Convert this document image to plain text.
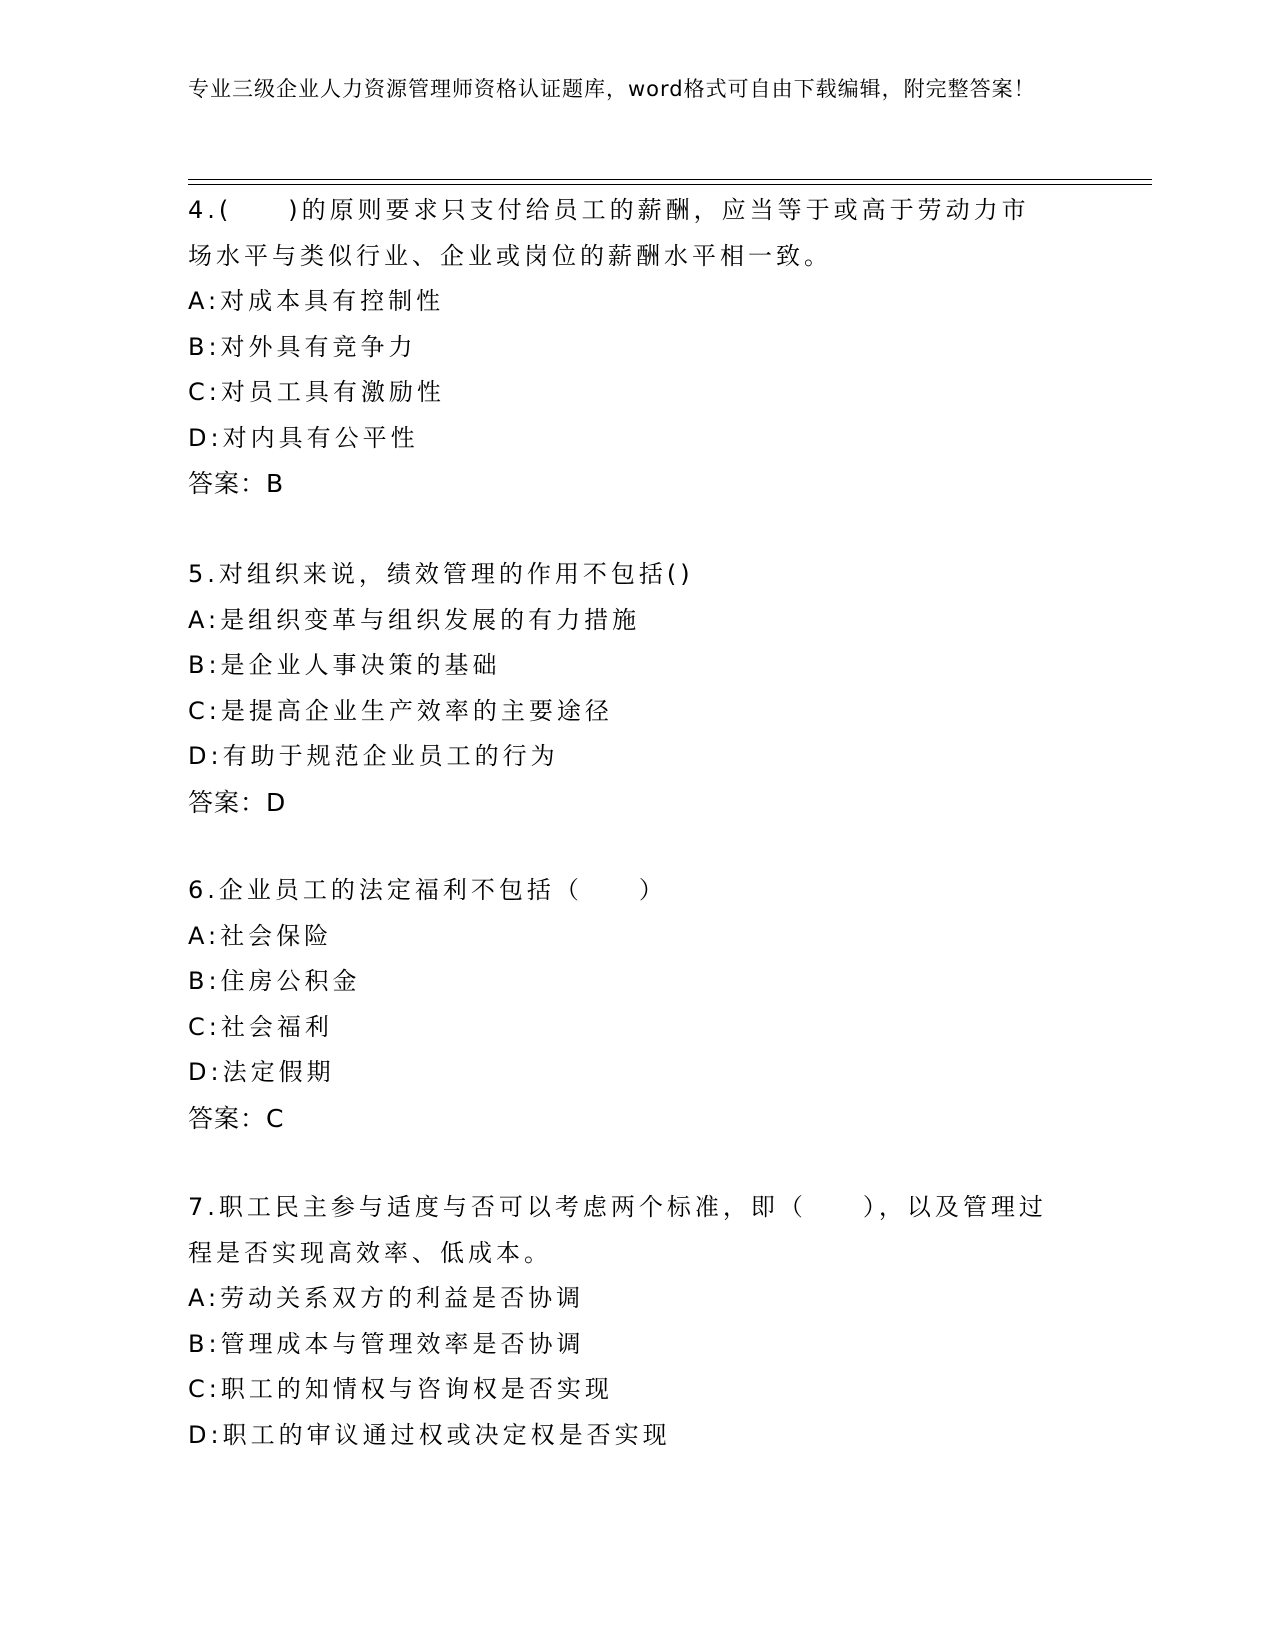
专业三级企业人力资源管理师资格认证题库，word格式可自由下载编辑，附完整答案！
4.(　　)的原则要求只支付给员工的薪酬，应当等于或高于劳动力市场水平与类似行业、企业或岗位的薪酬水平相一致。
A:对成本具有控制性
B:对外具有竞争力
C:对员工具有激励性
D:对内具有公平性
答案：B
5.对组织来说，绩效管理的作用不包括()
A:是组织变革与组织发展的有力措施
B:是企业人事决策的基础
C:是提高企业生产效率的主要途径
D:有助于规范企业员工的行为
答案：D
6.企业员工的法定福利不包括（　　）
A:社会保险
B:住房公积金
C:社会福利
D:法定假期
答案：C
7.职工民主参与适度与否可以考虑两个标准，即（　　），以及管理过程是否实现高效率、低成本。
A:劳动关系双方的利益是否协调
B:管理成本与管理效率是否协调
C:职工的知情权与咨询权是否实现
D:职工的审议通过权或决定权是否实现
